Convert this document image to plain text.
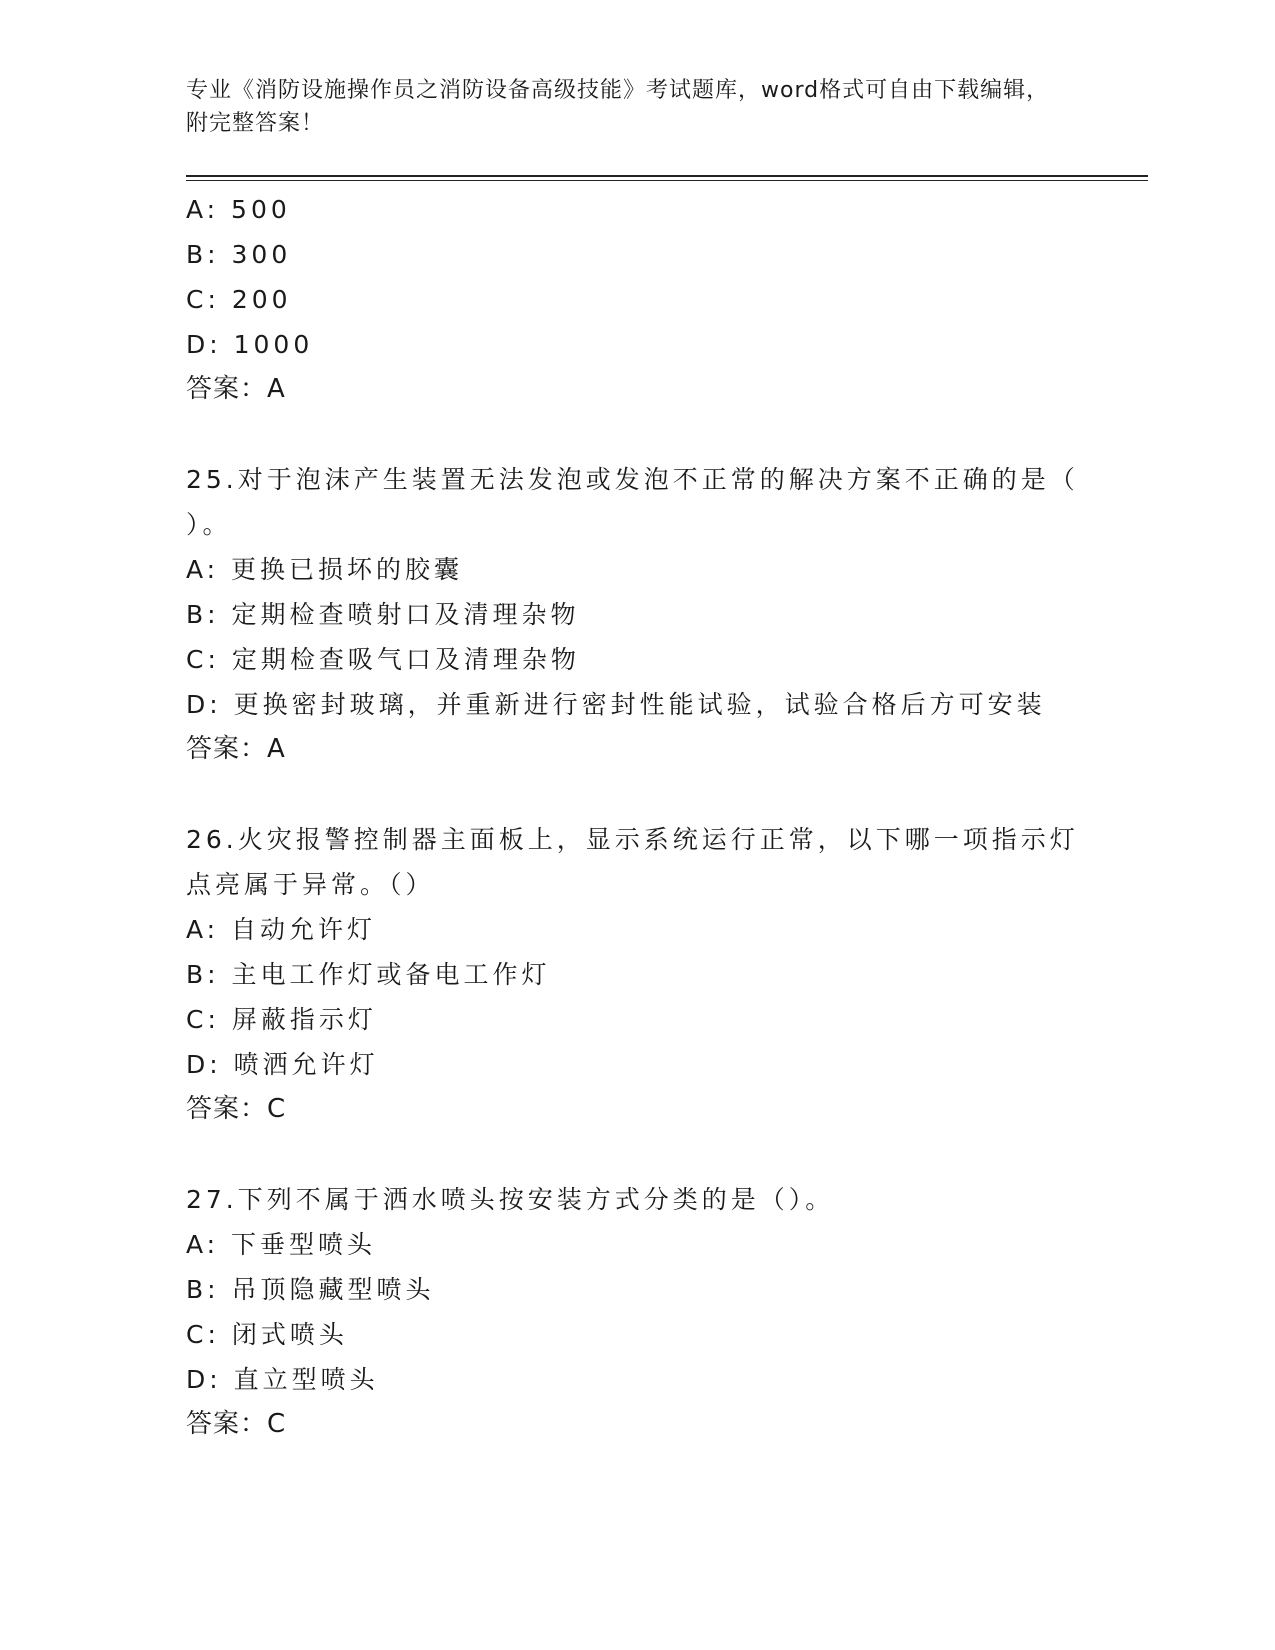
专业《消防设施操作员之消防设备高级技能》考试题库，word格式可自由下载编辑，附完整答案！
A: 500
B: 300
C: 200
D: 1000
答案：A
25.对于泡沫产生装置无法发泡或发泡不正常的解决方案不正确的是（
）。
A: 更换已损坏的胶囊
B: 定期检查喷射口及清理杂物
C: 定期检查吸气口及清理杂物
D: 更换密封玻璃，并重新进行密封性能试验，试验合格后方可安装
答案：A
26.火灾报警控制器主面板上，显示系统运行正常，以下哪一项指示灯
点亮属于异常。（）
A: 自动允许灯
B: 主电工作灯或备电工作灯
C: 屏蔽指示灯
D: 喷洒允许灯
答案：C
27.下列不属于洒水喷头按安装方式分类的是（）。
A: 下垂型喷头
B: 吊顶隐藏型喷头
C: 闭式喷头
D: 直立型喷头
答案：C
